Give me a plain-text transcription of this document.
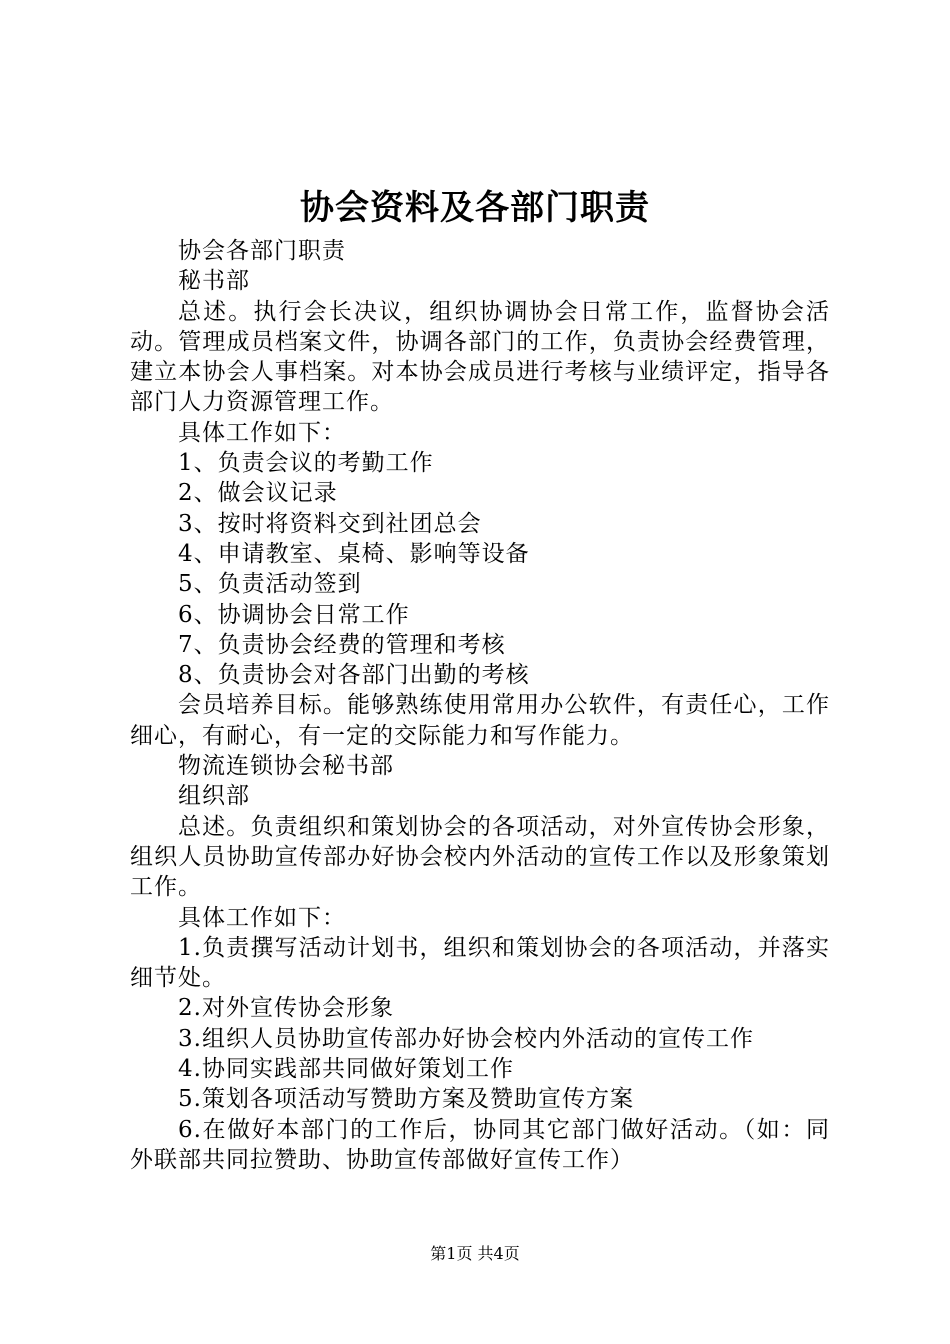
协会资料及各部门职责

协会各部门职责

秘书部

总述。执行会长决议，组织协调协会日常工作，监督协会活动。管理成员档案文件，协调各部门的工作，负责协会经费管理，建立本协会人事档案。对本协会成员进行考核与业绩评定，指导各部门人力资源管理工作。

具体工作如下：

1、负责会议的考勤工作

2、做会议记录

3、按时将资料交到社团总会

4、申请教室、桌椅、影响等设备

5、负责活动签到

6、协调协会日常工作

7、负责协会经费的管理和考核

8、负责协会对各部门出勤的考核

会员培养目标。能够熟练使用常用办公软件，有责任心，工作细心，有耐心，有一定的交际能力和写作能力。

物流连锁协会秘书部

组织部

总述。负责组织和策划协会的各项活动，对外宣传协会形象，组织人员协助宣传部办好协会校内外活动的宣传工作以及形象策划工作。

具体工作如下：

1.负责撰写活动计划书，组织和策划协会的各项活动，并落实细节处。

2.对外宣传协会形象

3.组织人员协助宣传部办好协会校内外活动的宣传工作

4.协同实践部共同做好策划工作

5.策划各项活动写赞助方案及赞助宣传方案

6.在做好本部门的工作后，协同其它部门做好活动。（如：同外联部共同拉赞助、协助宣传部做好宣传工作）

第1页 共4页
